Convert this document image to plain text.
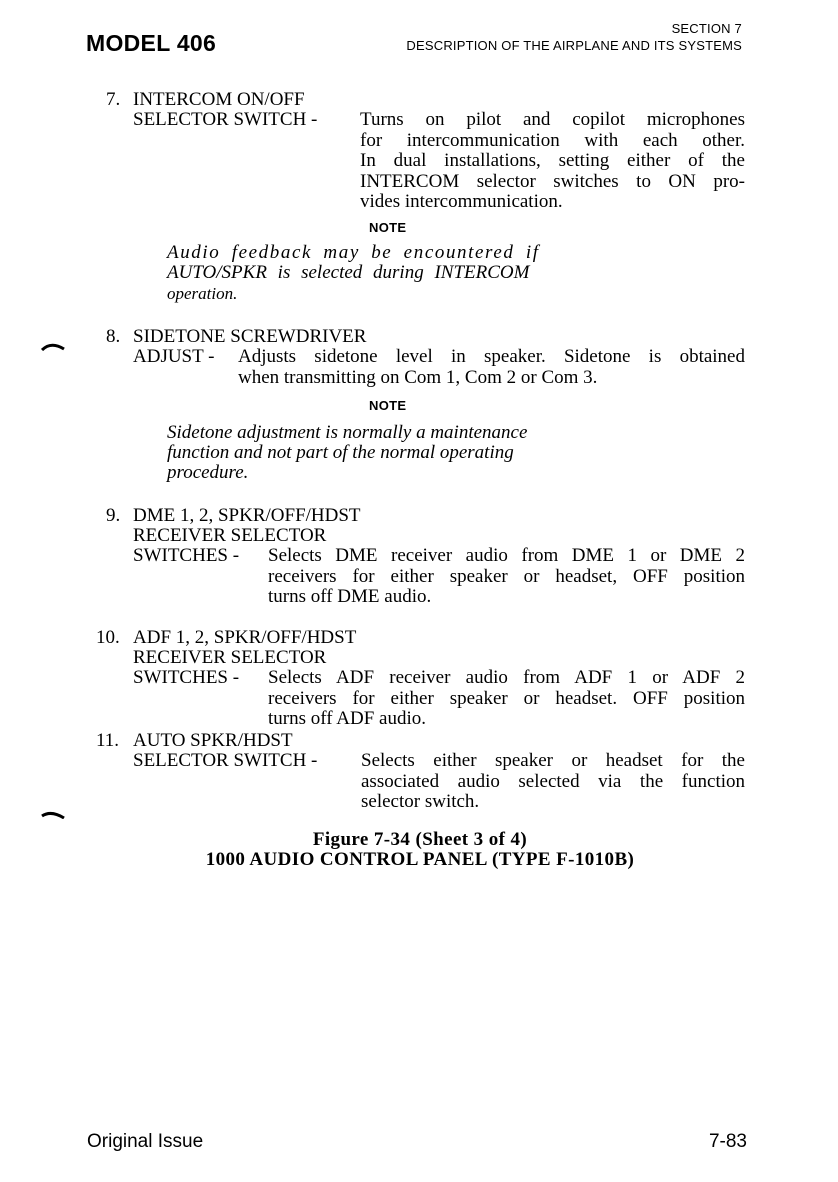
MODEL 406
SECTION 7
DESCRIPTION OF THE AIRPLANE AND ITS SYSTEMS
7. INTERCOM ON/OFF
SELECTOR SWITCH - Turns on pilot and copilot microphones
for intercommunication with each other.
In dual installations, setting either of the
INTERCOM selector switches to ON pro-
vides intercommunication.
NOTE
Audio feedback may be encountered if
AUTO/SPKR is selected during INTERCOM
operation.
8. SIDETONE SCREWDRIVER
ADJUST - Adjusts sidetone level in speaker. Sidetone is obtained
when transmitting on Com 1, Com 2 or Com 3.
NOTE
Sidetone adjustment is normally a maintenance
function and not part of the normal operating
procedure.
9. DME 1, 2, SPKR/OFF/HDST
RECEIVER SELECTOR
SWITCHES - Selects DME receiver audio from DME 1 or DME 2
receivers for either speaker or headset, OFF position
turns off DME audio.
10. ADF 1, 2, SPKR/OFF/HDST
RECEIVER SELECTOR
SWITCHES - Selects ADF receiver audio from ADF 1 or ADF 2
receivers for either speaker or headset. OFF position
turns off ADF audio.
11. AUTO SPKR/HDST
SELECTOR SWITCH - Selects either speaker or headset for the
associated audio selected via the function
selector switch.
Figure 7-34 (Sheet 3 of 4)
1000 AUDIO CONTROL PANEL (TYPE F-1010B)
Original Issue	7-83
